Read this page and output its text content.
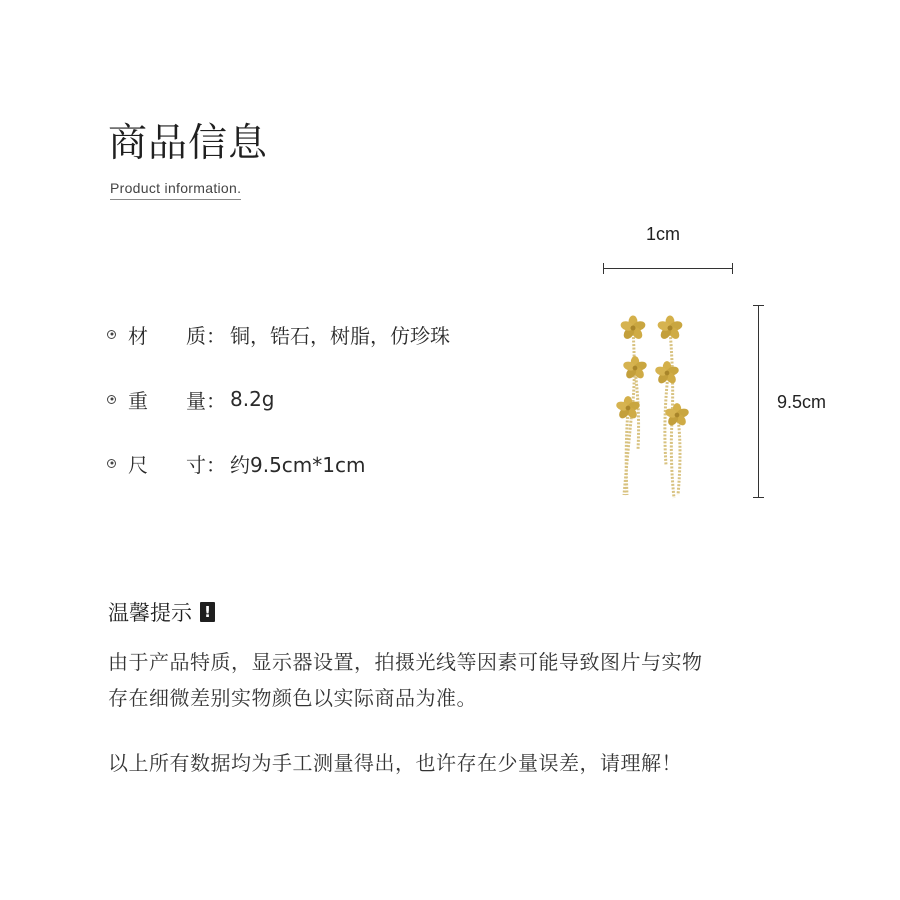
商品信息
Product information.
材 质 ： 铜，锆石，树脂，仿珍珠
重 量 ： 8.2g
尺 寸 ： 约9.5cm*1cm
1cm
9.5cm
温馨提示 !
由于产品特质，显示器设置，拍摄光线等因素可能导致图片与实物
存在细微差别实物颜色以实际商品为准。
以上所有数据均为手工测量得出，也许存在少量误差，请理解！
